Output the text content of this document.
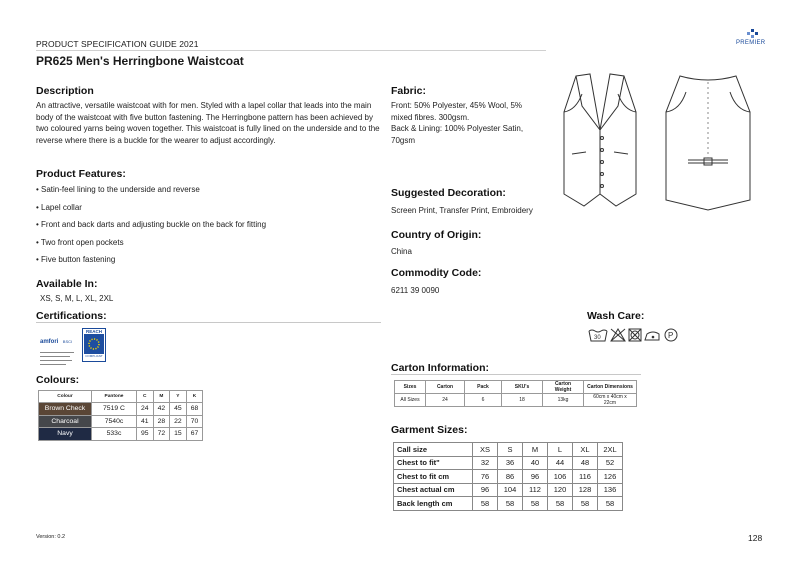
PRODUCT SPECIFICATION GUIDE 2021
PR625 Men's Herringbone Waistcoat
PREMIER
Description
An attractive, versatile waistcoat with for men. Styled with a lapel collar that leads into the main body of the waistcoat with five button fastening. The Herringbone pattern has been achieved by two coloured yarns being woven together. This waistcoat is fully lined on the underside and to the reverse where there is a buckle for the wearer to adjust accordingly.
Product Features:
• Satin-feel lining to the underside and reverse
• Lapel collar
• Front and back darts and adjusting buckle on the back for fitting
• Two front open pockets
• Five button fastening
Available In:
XS, S, M, L, XL, 2XL
Certifications:
amfori BSCI
REACH
COMPLIANT
Colours:
Colour	Pantone	C	M	Y	K
Brown Check	7519 C	24	42	45	68
Charcoal	7540c	41	28	22	70
Navy	533c	95	72	15	67
Fabric:
Front: 50% Polyester, 45% Wool, 5% mixed fibres. 300gsm.
Back & Lining: 100% Polyester Satin, 70gsm
Suggested Decoration:
Screen Print, Transfer Print, Embroidery
Country of Origin:
China
Commodity Code:
6211 39 0090
Wash Care:
30	P
Carton Information:
Sizes	Carton	Pack	SKU's	Carton Weight	Carton Dimensions
All Sizes	24	6	18	13kg	60cm x 40cm x 22cm
Garment Sizes:
Call size	XS	S	M	L	XL	2XL
Chest to fit"	32	36	40	44	48	52
Chest to fit cm	76	86	96	106	116	126
Chest actual cm	96	104	112	120	128	136
Back length cm	58	58	58	58	58	58
Version: 0.2	128
